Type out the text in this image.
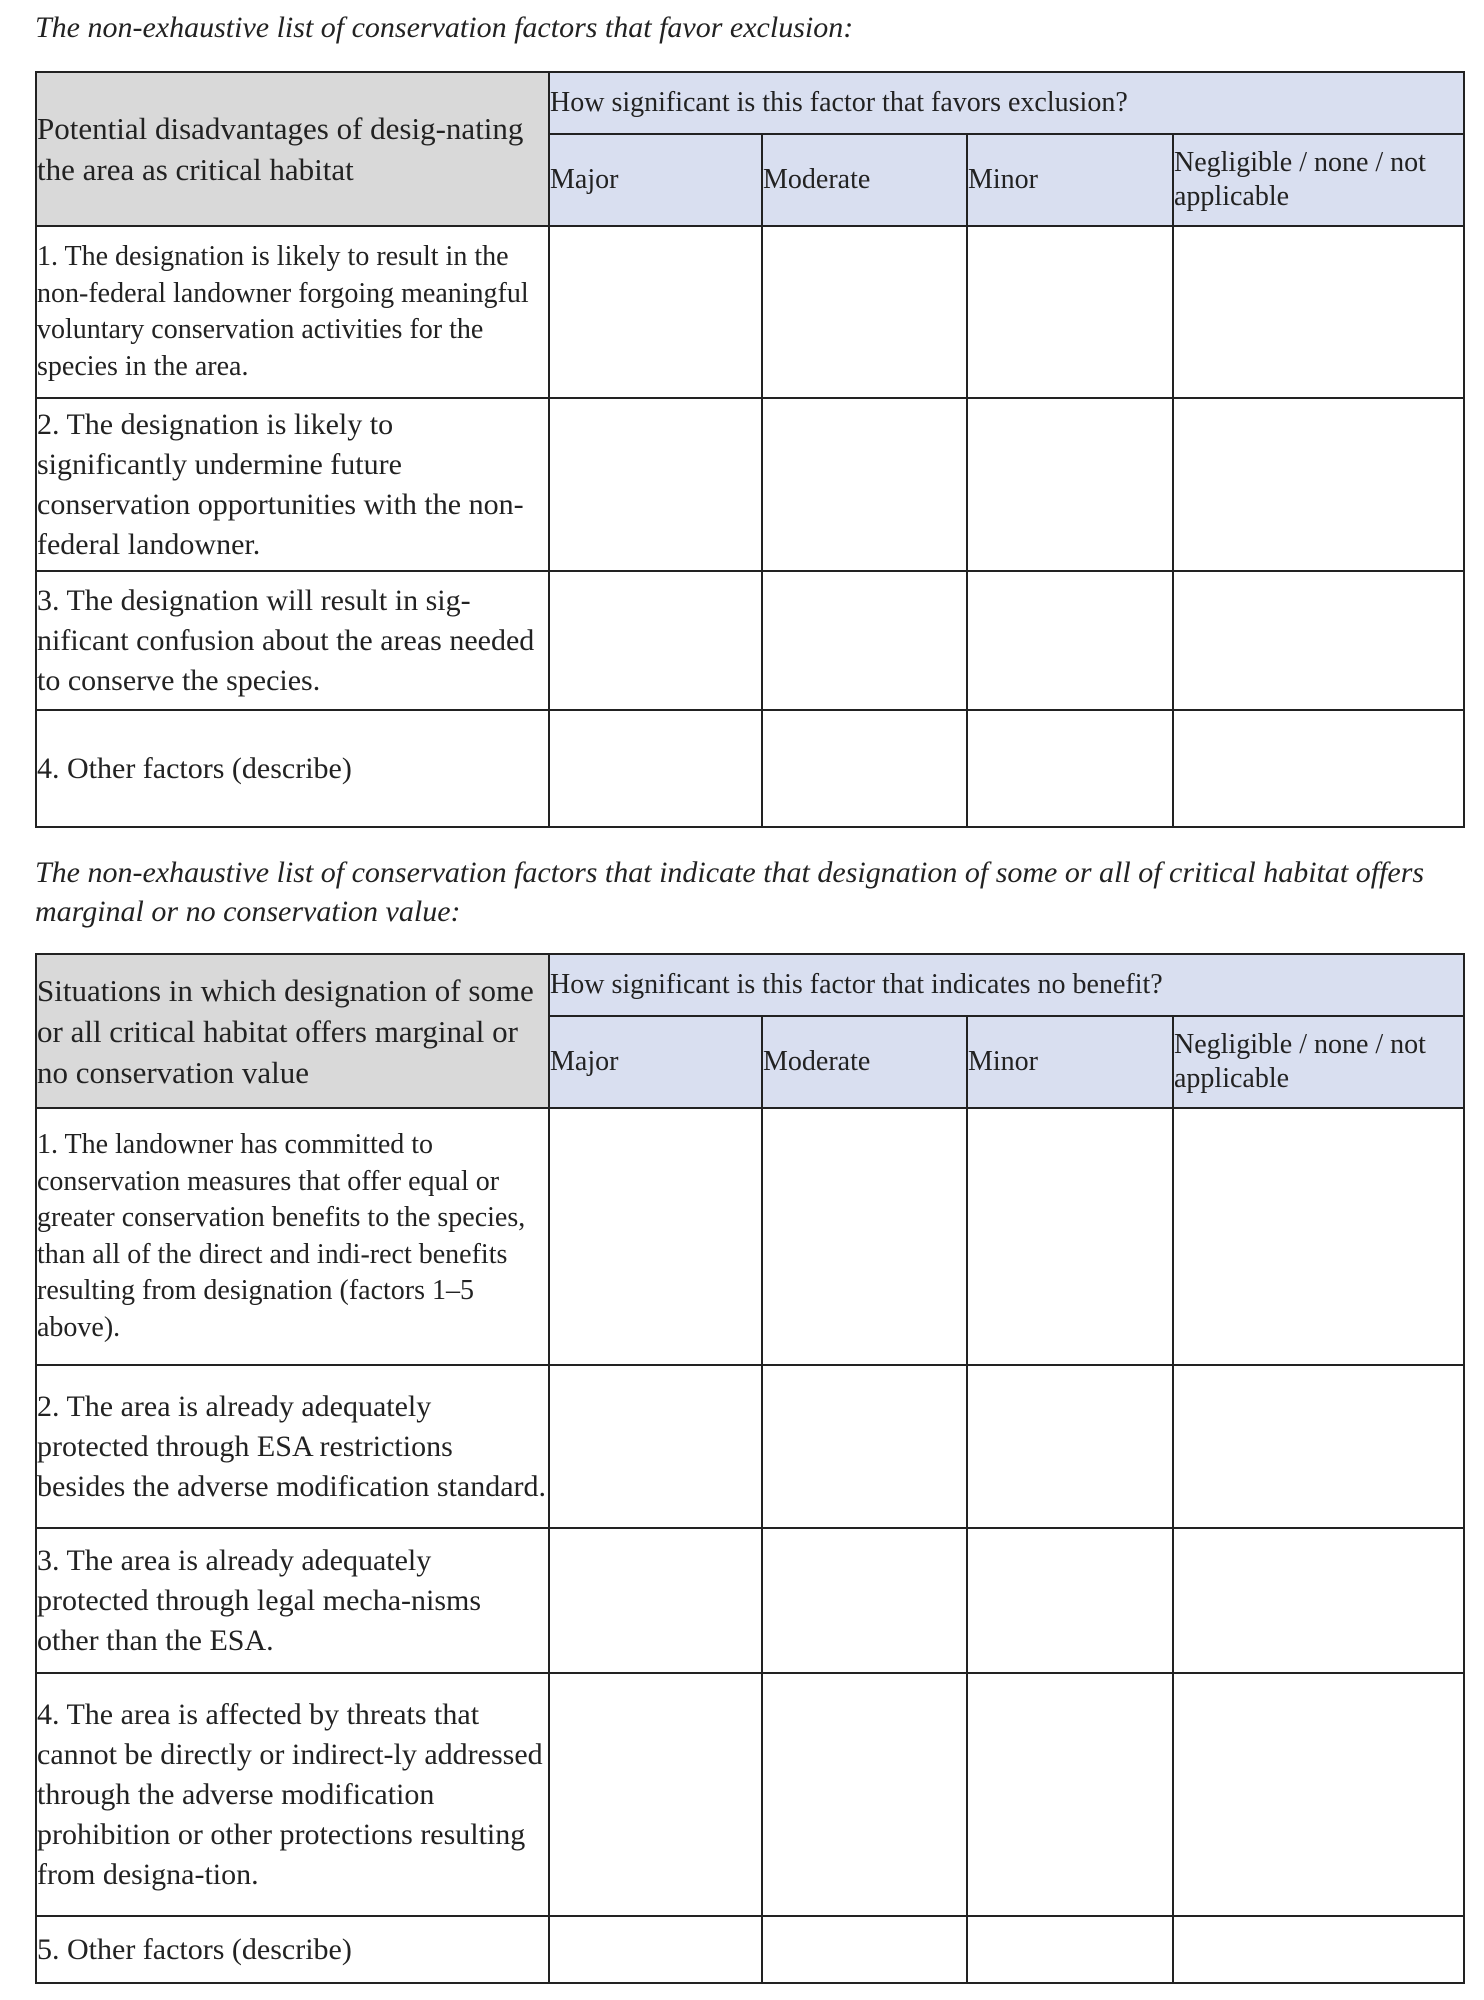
The non-exhaustive list of conservation factors that favor exclusion:
Potential disadvantages of desig-nating the area as critical habitat	How significant is this factor that favors exclusion?			
	Major	Moderate	Minor	Negligible / none / not applicable
1. The designation is likely to result in the non-federal landowner forgoing meaningful voluntary conservation activities for the species in the area.				
2. The designation is likely to significantly undermine future conservation opportunities with the non-federal landowner.				
3. The designation will result in sig-nificant confusion about the areas needed to conserve the species.				
4. Other factors (describe)				
The non-exhaustive list of conservation factors that indicate that designation of some or all of critical habitat offers marginal or no conservation value:
Situations in which designation of some or all critical habitat offers marginal or no conservation value	How significant is this factor that indicates no benefit?			
	Major	Moderate	Minor	Negligible / none / not applicable
1. The landowner has committed to conservation measures that offer equal or greater conservation benefits to the species, than all of the direct and indi-rect benefits resulting from designation (factors 1–5 above).				
2. The area is already adequately protected through ESA restrictions besides the adverse modification standard.				
3. The area is already adequately protected through legal mecha-nisms other than the ESA.				
4. The area is affected by threats that cannot be directly or indirect-ly addressed through the adverse modification prohibition or other protections resulting from designa-tion.				
5. Other factors (describe)				
